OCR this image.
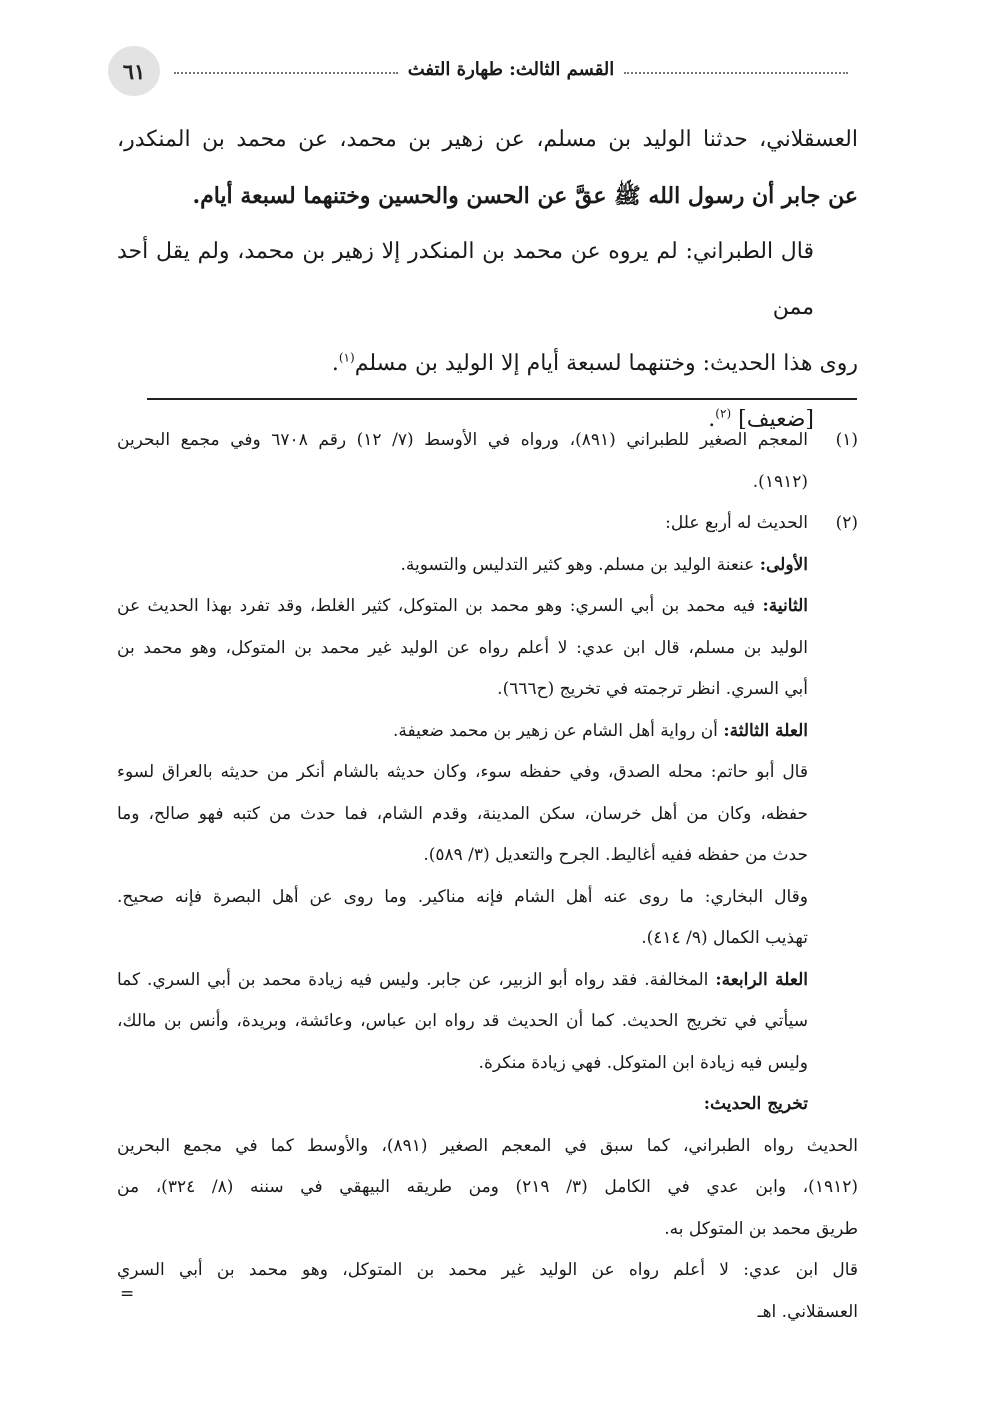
٦١	القسم الثالث: طهارة التفث

العسقلاني، حدثنا الوليد بن مسلم، عن زهير بن محمد، عن محمد بن المنكدر،

عن جابر أن رسول الله ﷺ عقَّ عن الحسن والحسين وختنهما لسبعة أيام.

قال الطبراني: لم يروه عن محمد بن المنكدر إلا زهير بن محمد، ولم يقل أحد ممن

روى هذا الحديث: وختنهما لسبعة أيام إلا الوليد بن مسلم$^{(١)}$.

[ضعيف] $^{(٢)}$.

(١)
المعجم الصغير للطبراني (٨٩١)، ورواه في الأوسط (٧/ ١٢) رقم ٦٧٠٨ وفي مجمع البحرين
(١٩١٢).
(٢)
الحديث له أربع علل:
الأولى: عنعنة الوليد بن مسلم. وهو كثير التدليس والتسوية.
الثانية: فيه محمد بن أبي السري: وهو محمد بن المتوكل، كثير الغلط، وقد تفرد بهذا الحديث عن
الوليد بن مسلم، قال ابن عدي: لا أعلم رواه عن الوليد غير محمد بن المتوكل، وهو محمد بن
أبي السري. انظر ترجمته في تخريج (ح٦٦٦).
العلة الثالثة: أن رواية أهل الشام عن زهير بن محمد ضعيفة.
قال أبو حاتم: محله الصدق، وفي حفظه سوء، وكان حديثه بالشام أنكر من حديثه بالعراق لسوء
حفظه، وكان من أهل خرسان، سكن المدينة، وقدم الشام، فما حدث من كتبه فهو صالح، وما
حدث من حفظه ففيه أغاليط. الجرح والتعديل (٣/ ٥٨٩).
وقال البخاري: ما روى عنه أهل الشام فإنه مناكير. وما روى عن أهل البصرة فإنه صحيح.
تهذيب الكمال (٩/ ٤١٤).
العلة الرابعة: المخالفة. فقد رواه أبو الزبير، عن جابر. وليس فيه زيادة محمد بن أبي السري. كما
سيأتي في تخريج الحديث. كما أن الحديث قد رواه ابن عباس، وعائشة، وبريدة، وأنس بن مالك،
وليس فيه زيادة ابن المتوكل. فهي زيادة منكرة.
تخريج الحديث:
الحديث رواه الطبراني، كما سبق في المعجم الصغير (٨٩١)، والأوسط كما في مجمع البحرين
(١٩١٢)، وابن عدي في الكامل (٣/ ٢١٩) ومن طريقه البيهقي في سننه (٨/ ٣٢٤)، من
طريق محمد بن المتوكل به.
قال ابن عدي: لا أعلم رواه عن الوليد غير محمد بن المتوكل، وهو محمد بن أبي السري
العسقلاني. اهـ
=
